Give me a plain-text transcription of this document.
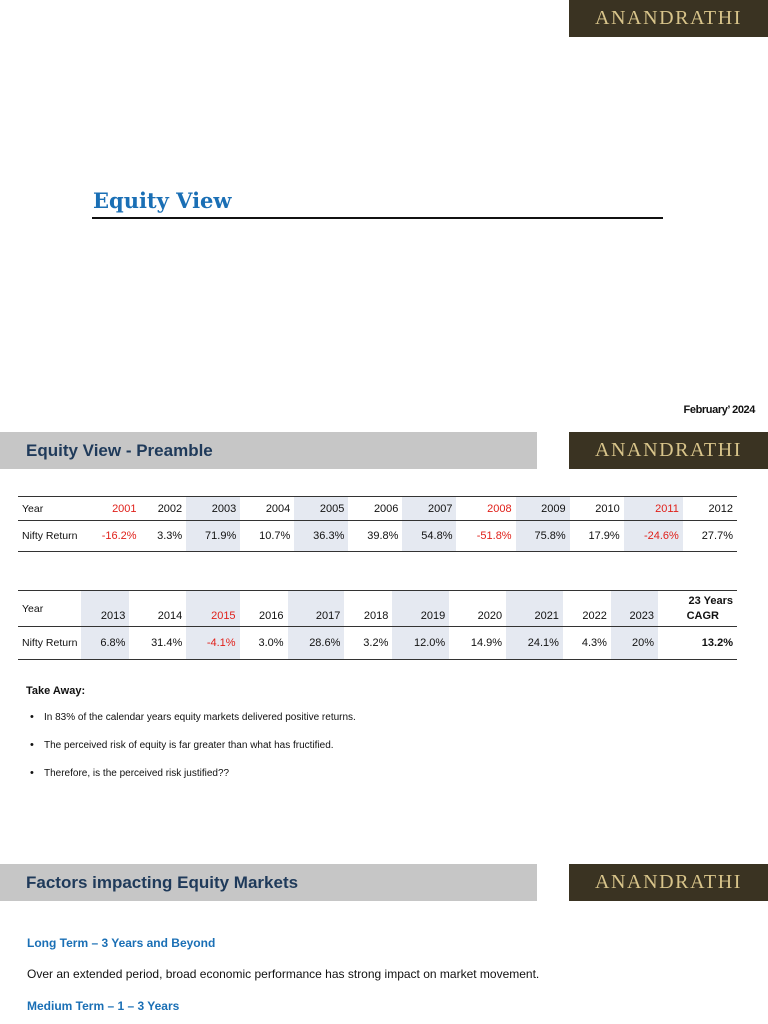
ANANDRATHI
Equity View
February’ 2024
Equity View - Preamble	ANANDRATHI
Year	2001	2002	2003	2004	2005	2006	2007	2008	2009	2010	2011	2012
Nifty Return	-16.2%	3.3%	71.9%	10.7%	36.3%	39.8%	54.8%	-51.8%	75.8%	17.9%	-24.6%	27.7%
Year	2013	2014	2015	2016	2017	2018	2019	2020	2021	2022	2023	23 Years
CAGR

Nifty Return	6.8%	31.4%	-4.1%	3.0%	28.6%	3.2%	12.0%	14.9%	24.1%	4.3%	20%	13.2%
Take Away:
• In 83% of the calendar years equity markets delivered positive returns.
• The perceived risk of equity is far greater than what has fructified.
• Therefore, is the perceived risk justified??
Factors impacting Equity Markets	ANANDRATHI
Long Term – 3 Years and Beyond
Over an extended period, broad economic performance has strong impact on market movement.
Medium Term – 1 – 3 Years
